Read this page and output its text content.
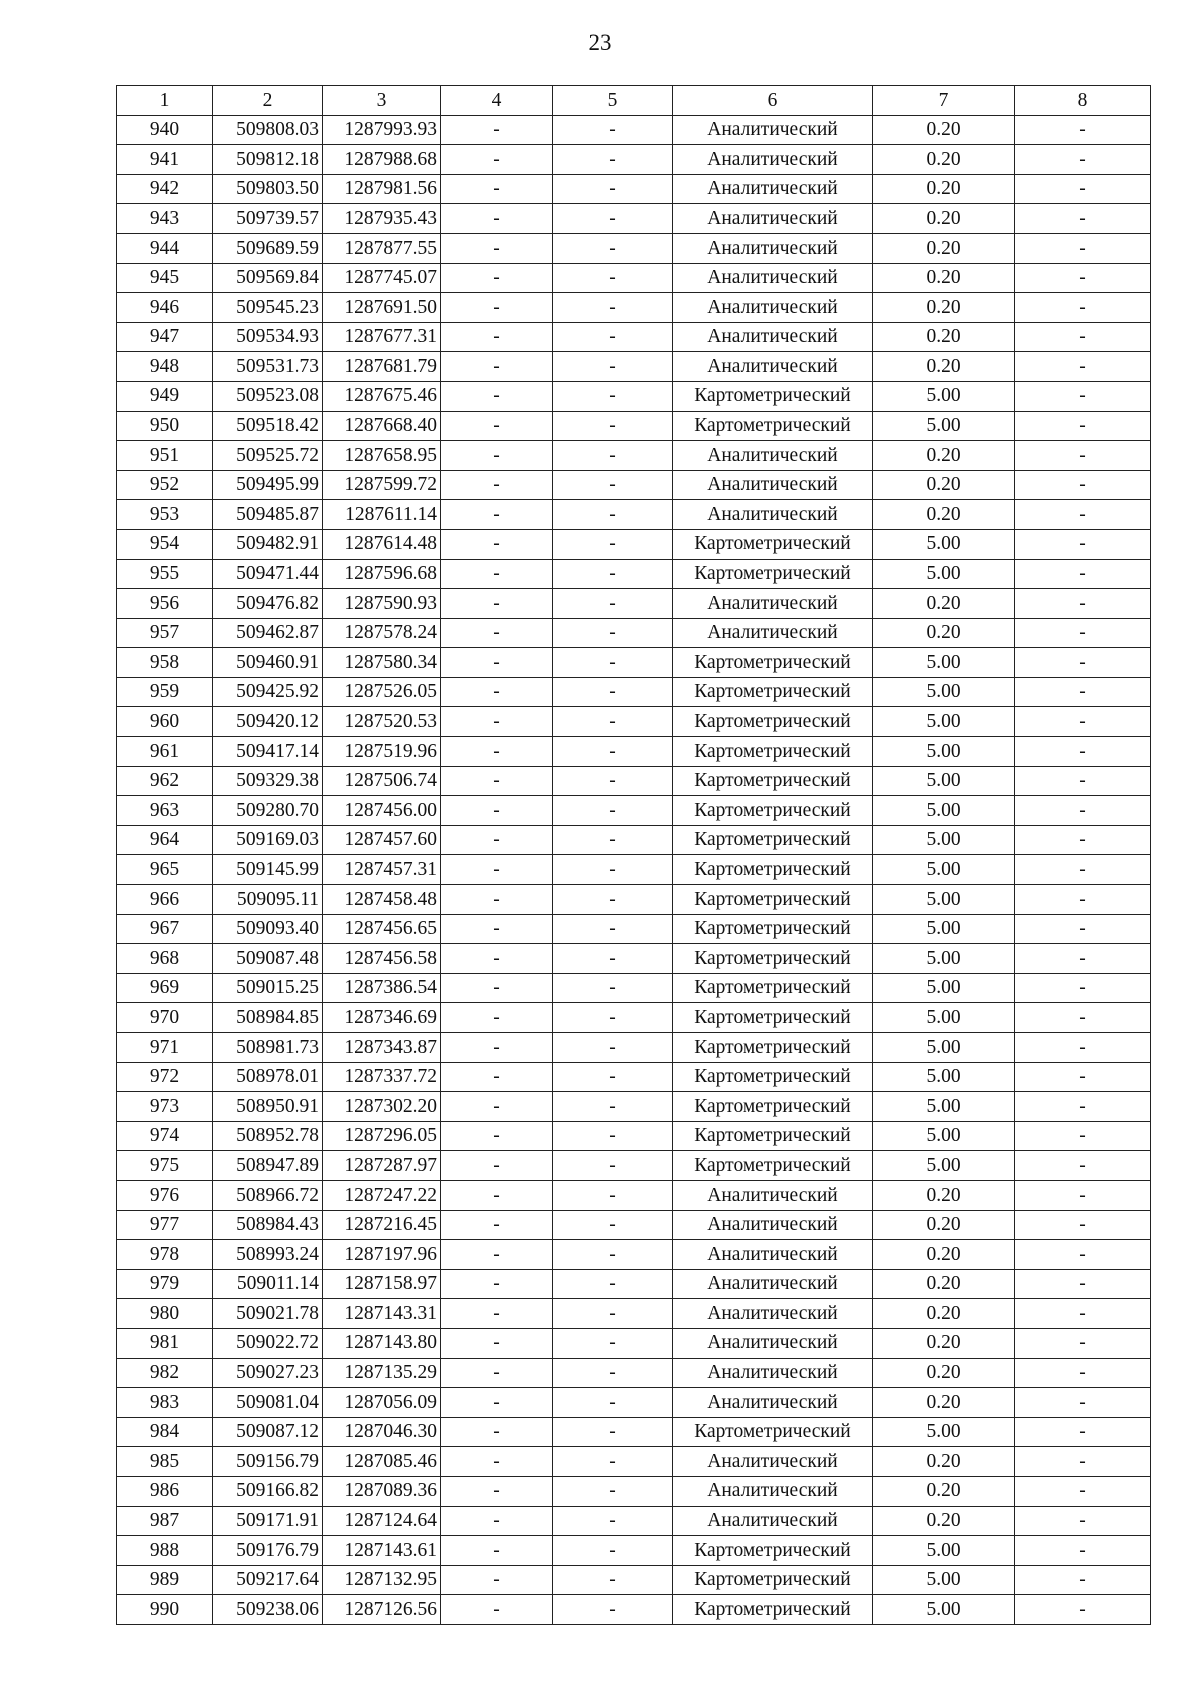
23
1	2	3	4	5	6	7	8
940	509808.03	1287993.93	-	-	Аналитический	0.20	-
941	509812.18	1287988.68	-	-	Аналитический	0.20	-
942	509803.50	1287981.56	-	-	Аналитический	0.20	-
943	509739.57	1287935.43	-	-	Аналитический	0.20	-
944	509689.59	1287877.55	-	-	Аналитический	0.20	-
945	509569.84	1287745.07	-	-	Аналитический	0.20	-
946	509545.23	1287691.50	-	-	Аналитический	0.20	-
947	509534.93	1287677.31	-	-	Аналитический	0.20	-
948	509531.73	1287681.79	-	-	Аналитический	0.20	-
949	509523.08	1287675.46	-	-	Картометрический	5.00	-
950	509518.42	1287668.40	-	-	Картометрический	5.00	-
951	509525.72	1287658.95	-	-	Аналитический	0.20	-
952	509495.99	1287599.72	-	-	Аналитический	0.20	-
953	509485.87	1287611.14	-	-	Аналитический	0.20	-
954	509482.91	1287614.48	-	-	Картометрический	5.00	-
955	509471.44	1287596.68	-	-	Картометрический	5.00	-
956	509476.82	1287590.93	-	-	Аналитический	0.20	-
957	509462.87	1287578.24	-	-	Аналитический	0.20	-
958	509460.91	1287580.34	-	-	Картометрический	5.00	-
959	509425.92	1287526.05	-	-	Картометрический	5.00	-
960	509420.12	1287520.53	-	-	Картометрический	5.00	-
961	509417.14	1287519.96	-	-	Картометрический	5.00	-
962	509329.38	1287506.74	-	-	Картометрический	5.00	-
963	509280.70	1287456.00	-	-	Картометрический	5.00	-
964	509169.03	1287457.60	-	-	Картометрический	5.00	-
965	509145.99	1287457.31	-	-	Картометрический	5.00	-
966	509095.11	1287458.48	-	-	Картометрический	5.00	-
967	509093.40	1287456.65	-	-	Картометрический	5.00	-
968	509087.48	1287456.58	-	-	Картометрический	5.00	-
969	509015.25	1287386.54	-	-	Картометрический	5.00	-
970	508984.85	1287346.69	-	-	Картометрический	5.00	-
971	508981.73	1287343.87	-	-	Картометрический	5.00	-
972	508978.01	1287337.72	-	-	Картометрический	5.00	-
973	508950.91	1287302.20	-	-	Картометрический	5.00	-
974	508952.78	1287296.05	-	-	Картометрический	5.00	-
975	508947.89	1287287.97	-	-	Картометрический	5.00	-
976	508966.72	1287247.22	-	-	Аналитический	0.20	-
977	508984.43	1287216.45	-	-	Аналитический	0.20	-
978	508993.24	1287197.96	-	-	Аналитический	0.20	-
979	509011.14	1287158.97	-	-	Аналитический	0.20	-
980	509021.78	1287143.31	-	-	Аналитический	0.20	-
981	509022.72	1287143.80	-	-	Аналитический	0.20	-
982	509027.23	1287135.29	-	-	Аналитический	0.20	-
983	509081.04	1287056.09	-	-	Аналитический	0.20	-
984	509087.12	1287046.30	-	-	Картометрический	5.00	-
985	509156.79	1287085.46	-	-	Аналитический	0.20	-
986	509166.82	1287089.36	-	-	Аналитический	0.20	-
987	509171.91	1287124.64	-	-	Аналитический	0.20	-
988	509176.79	1287143.61	-	-	Картометрический	5.00	-
989	509217.64	1287132.95	-	-	Картометрический	5.00	-
990	509238.06	1287126.56	-	-	Картометрический	5.00	-
